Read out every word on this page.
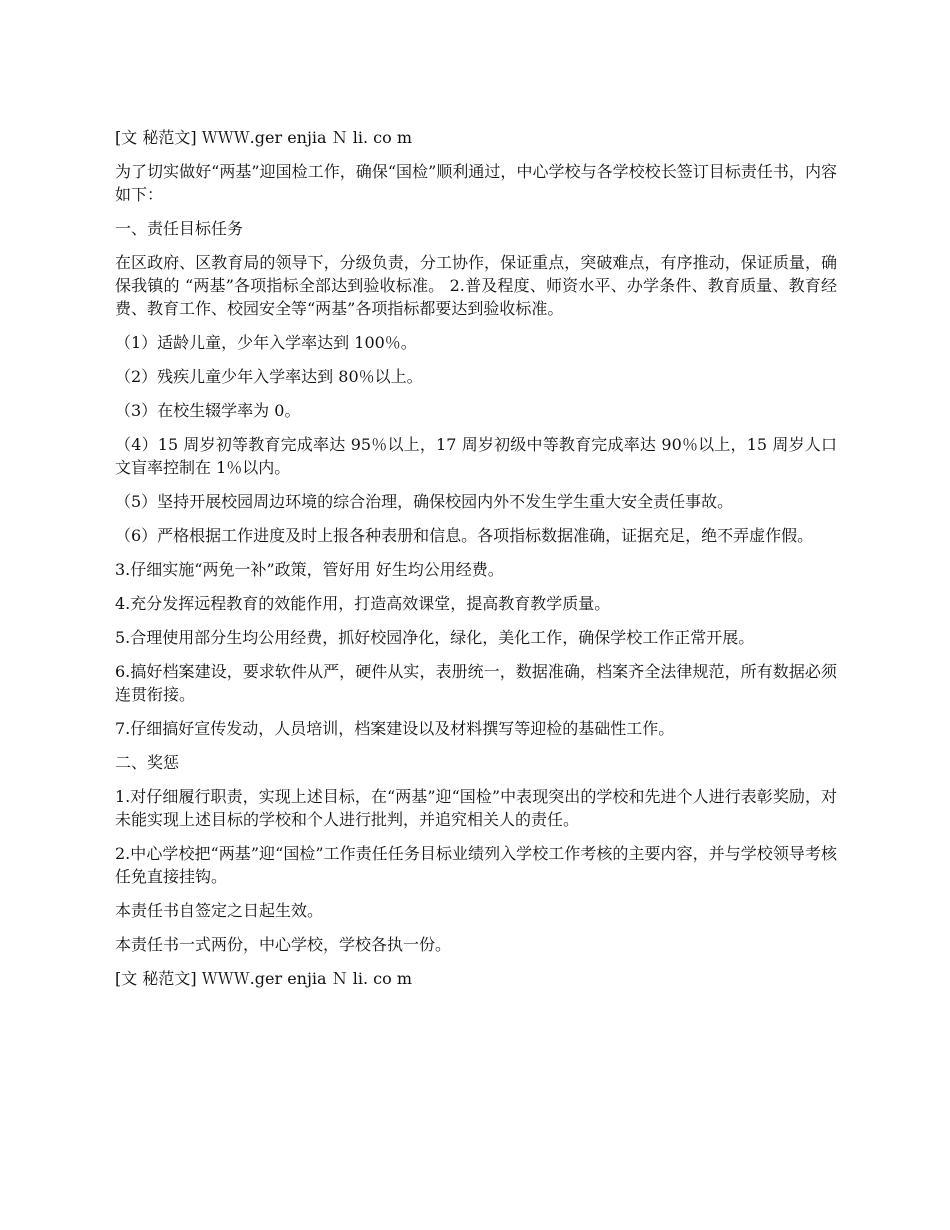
[文 秘范文] ＷＷＷ.ger enjia Ｎ li. co m

为了切实做好“两基”迎国检工作，确保“国检”顺利通过，中心学校与各学校校长签订目标责任书，内容如下：

一、责任目标任务

在区政府、区教育局的领导下，分级负责，分工协作，保证重点，突破难点，有序推动，保证质量，确保我镇的 “两基”各项指标全部达到验收标准。 2.普及程度、师资水平、办学条件、教育质量、教育经费、教育工作、校园安全等“两基”各项指标都要达到验收标准。

（1）适龄儿童，少年入学率达到 100％。

（2）残疾儿童少年入学率达到 80％以上。

（3）在校生辍学率为 0。

（4）15 周岁初等教育完成率达 95％以上，17 周岁初级中等教育完成率达 90％以上，15 周岁人口文盲率控制在 1％以内。

（5）坚持开展校园周边环境的综合治理，确保校园内外不发生学生重大安全责任事故。

（6）严格根据工作进度及时上报各种表册和信息。各项指标数据准确，证据充足，绝不弄虚作假。

3.仔细实施“两免一补”政策，管好用 好生均公用经费。

4.充分发挥远程教育的效能作用，打造高效课堂，提高教育教学质量。

5.合理使用部分生均公用经费，抓好校园净化，绿化，美化工作，确保学校工作正常开展。

6.搞好档案建设，要求软件从严，硬件从实，表册统一，数据准确，档案齐全法律规范，所有数据必须连贯衔接。

7.仔细搞好宣传发动，人员培训，档案建设以及材料撰写等迎检的基础性工作。

二、奖惩

1.对仔细履行职责，实现上述目标，在“两基”迎“国检”中表现突出的学校和先进个人进行表彰奖励，对未能实现上述目标的学校和个人进行批判，并追究相关人的责任。

2.中心学校把“两基”迎“国检”工作责任任务目标业绩列入学校工作考核的主要内容，并与学校领导考核任免直接挂钩。

本责任书自签定之日起生效。

本责任书一式两份，中心学校，学校各执一份。

[文 秘范文] ＷＷＷ.ger enjia Ｎ li. co m
